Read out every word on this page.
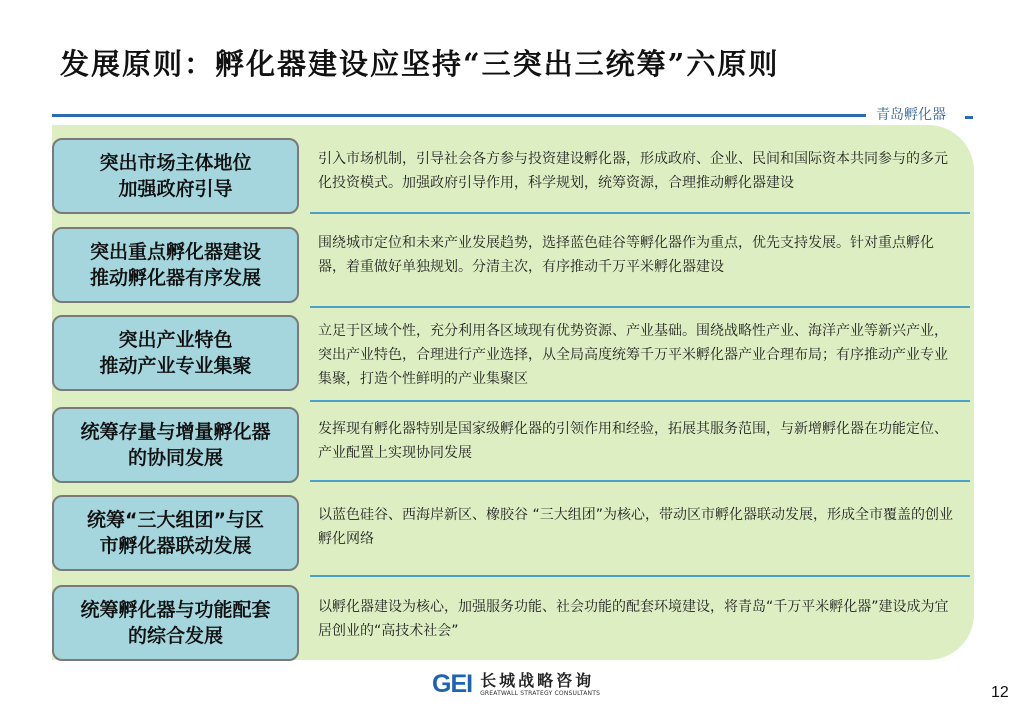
发展原则：孵化器建设应坚持“三突出三统筹”六原则
青岛孵化器
突出市场主体地位
加强政府引导
引入市场机制，引导社会各方参与投资建设孵化器，形成政府、企业、民间和国际资本共同参与的多元化投资模式。加强政府引导作用，科学规划，统筹资源，合理推动孵化器建设
突出重点孵化器建设
推动孵化器有序发展
围绕城市定位和未来产业发展趋势，选择蓝色硅谷等孵化器作为重点，优先支持发展。针对重点孵化器，着重做好单独规划。分清主次，有序推动千万平米孵化器建设
突出产业特色
推动产业专业集聚
立足于区域个性，充分利用各区域现有优势资源、产业基础。围绕战略性产业、海洋产业等新兴产业，突出产业特色，合理进行产业选择，从全局高度统筹千万平米孵化器产业合理布局；有序推动产业专业集聚，打造个性鲜明的产业集聚区
统筹存量与增量孵化器
的协同发展
发挥现有孵化器特别是国家级孵化器的引领作用和经验，拓展其服务范围，与新增孵化器在功能定位、产业配置上实现协同发展
统筹“三大组团”与区
市孵化器联动发展
以蓝色硅谷、西海岸新区、橡胶谷 “三大组团”为核心，带动区市孵化器联动发展，形成全市覆盖的创业孵化网络
统筹孵化器与功能配套
的综合发展
以孵化器建设为核心，加强服务功能、社会功能的配套环境建设，将青岛“千万平米孵化器”建设成为宜居创业的“高技术社会”
GEI 长城战略咨询
GREATWALL STRATEGY CONSULTANTS	12
